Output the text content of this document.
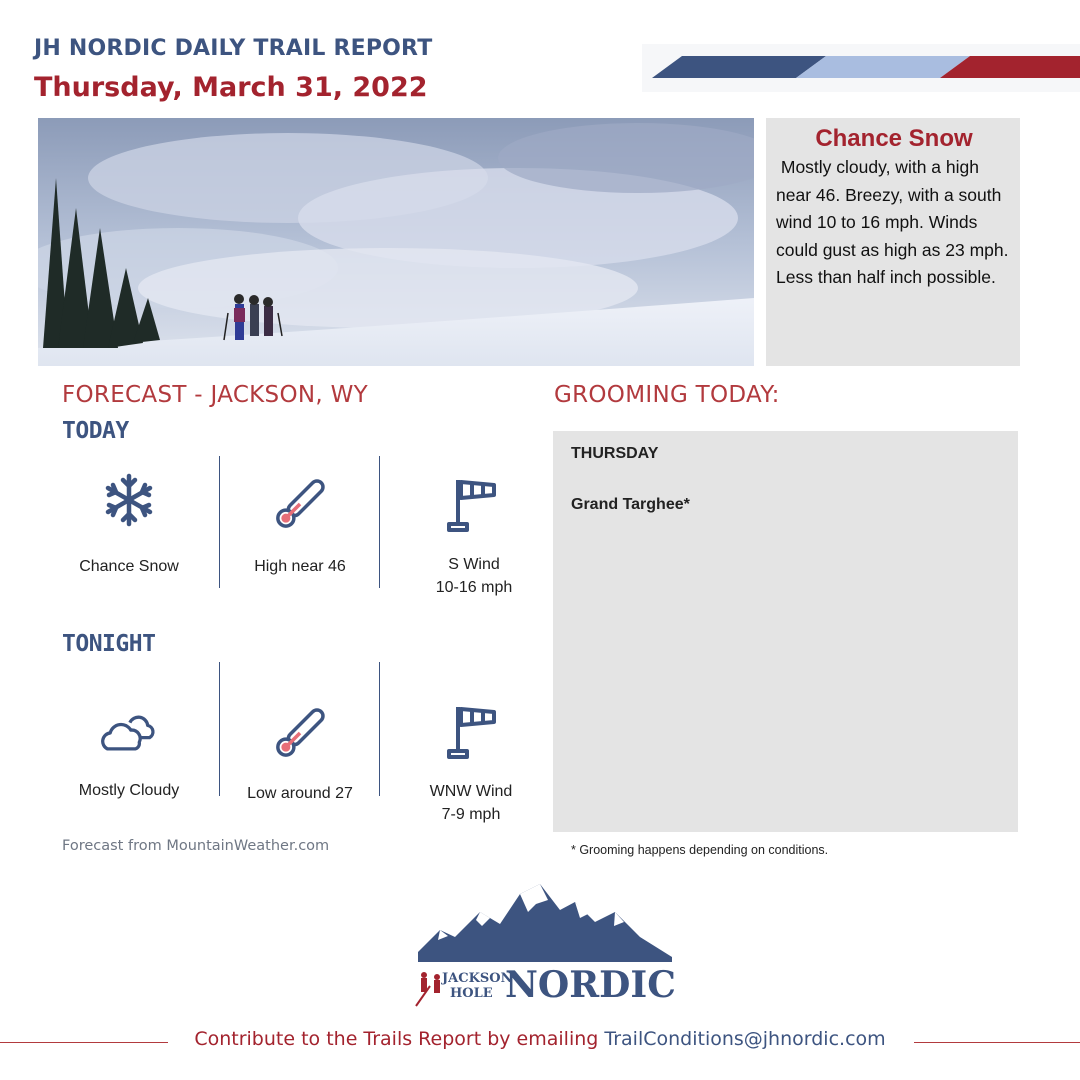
JH NORDIC DAILY TRAIL REPORT
Thursday, March 31, 2022
Chance Snow
Mostly cloudy, with a high near 46. Breezy, with a south wind 10 to 16 mph. Winds could gust as high as 23 mph. Less than half inch possible.
FORECAST - JACKSON, WY
TODAY
Chance Snow	High near 46	S Wind
10-16 mph
TONIGHT
Mostly Cloudy	Low around 27	WNW Wind
7-9 mph
Forecast from MountainWeather.com
GROOMING TODAY:
THURSDAY
Grand Targhee*
* Grooming happens depending on conditions.
JACKSON
HOLE NORDIC
Contribute to the Trails Report by emailing TrailConditions@jhnordic.com
